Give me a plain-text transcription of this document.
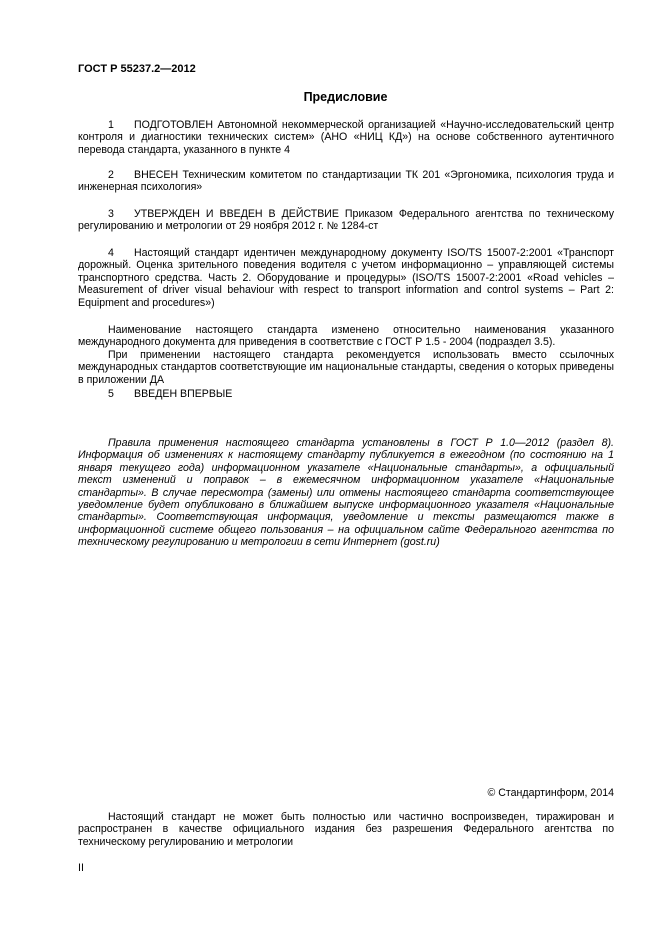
ГОСТ Р 55237.2—2012
Предисловие
1 ПОДГОТОВЛЕН Автономной некоммерческой организацией «Научно-исследовательский центр контроля и диагностики технических систем» (АНО «НИЦ КД») на основе собственного аутентичного перевода стандарта, указанного в пункте 4
2 ВНЕСЕН Техническим комитетом по стандартизации ТК 201 «Эргономика, психология труда и инженерная психология»
3 УТВЕРЖДЕН И ВВЕДЕН В ДЕЙСТВИЕ Приказом Федерального агентства по техническому регулированию и метрологии от 29 ноября 2012 г. № 1284-ст
4 Настоящий стандарт идентичен международному документу ISO/TS 15007-2:2001 «Транспорт дорожный. Оценка зрительного поведения водителя с учетом информационно – управляющей системы транспортного средства. Часть 2. Оборудование и процедуры» (ISO/TS 15007-2:2001 «Road vehicles – Measurement of driver visual behaviour with respect to transport information and control systems – Part 2: Equipment and procedures»)
Наименование настоящего стандарта изменено относительно наименования указанного международного документа для приведения в соответствие с ГОСТ Р 1.5 - 2004 (подраздел 3.5).
При применении настоящего стандарта рекомендуется использовать вместо ссылочных международных стандартов соответствующие им национальные стандарты, сведения о которых приведены в приложении ДА
5 ВВЕДЕН ВПЕРВЫЕ
Правила применения настоящего стандарта установлены в ГОСТ Р 1.0—2012 (раздел 8). Информация об изменениях к настоящему стандарту публикуется в ежегодном (по состоянию на 1 января текущего года) информационном указателе «Национальные стандарты», а официальный текст изменений и поправок – в ежемесячном информационном указателе «Национальные стандарты». В случае пересмотра (замены) или отмены настоящего стандарта соответствующее уведомление будет опубликовано в ближайшем выпуске информационного указателя «Национальные стандарты». Соответствующая информация, уведомление и тексты размещаются также в информационной системе общего пользования – на официальном сайте Федерального агентства по техническому регулированию и метрологии в сети Интернет (gost.ru)
© Стандартинформ, 2014
Настоящий стандарт не может быть полностью или частично воспроизведен, тиражирован и распространен в качестве официального издания без разрешения Федерального агентства по техническому регулированию и метрологии
II
